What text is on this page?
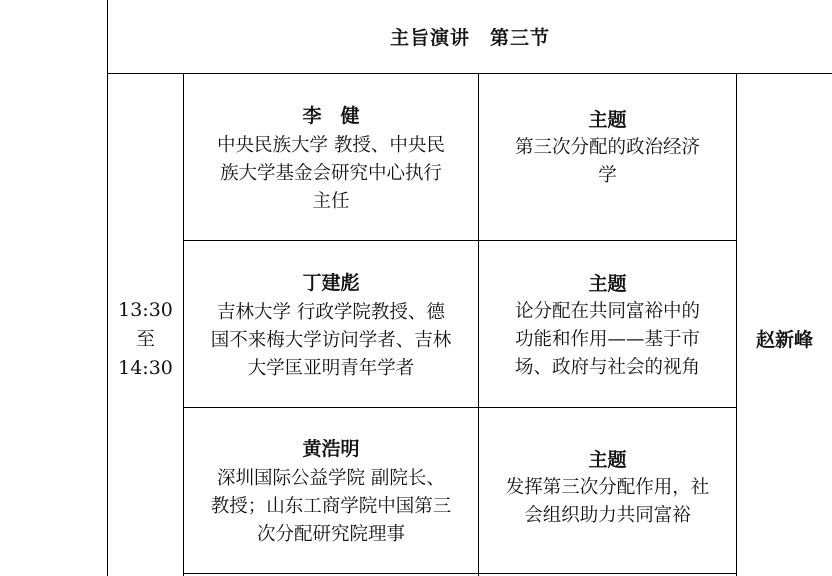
主旨演讲　第三节
13:30
至
14:30
李　健
中央民族大学 教授、中央民
族大学基金会研究中心执行
主任
主题
第三次分配的政治经济
学
丁建彪
吉林大学 行政学院教授、德
国不来梅大学访问学者、吉林
大学匡亚明青年学者
主题
论分配在共同富裕中的
功能和作用——基于市
场、政府与社会的视角
黄浩明
深圳国际公益学院 副院长、
教授；山东工商学院中国第三
次分配研究院理事
主题
发挥第三次分配作用，社
会组织助力共同富裕
赵新峰
